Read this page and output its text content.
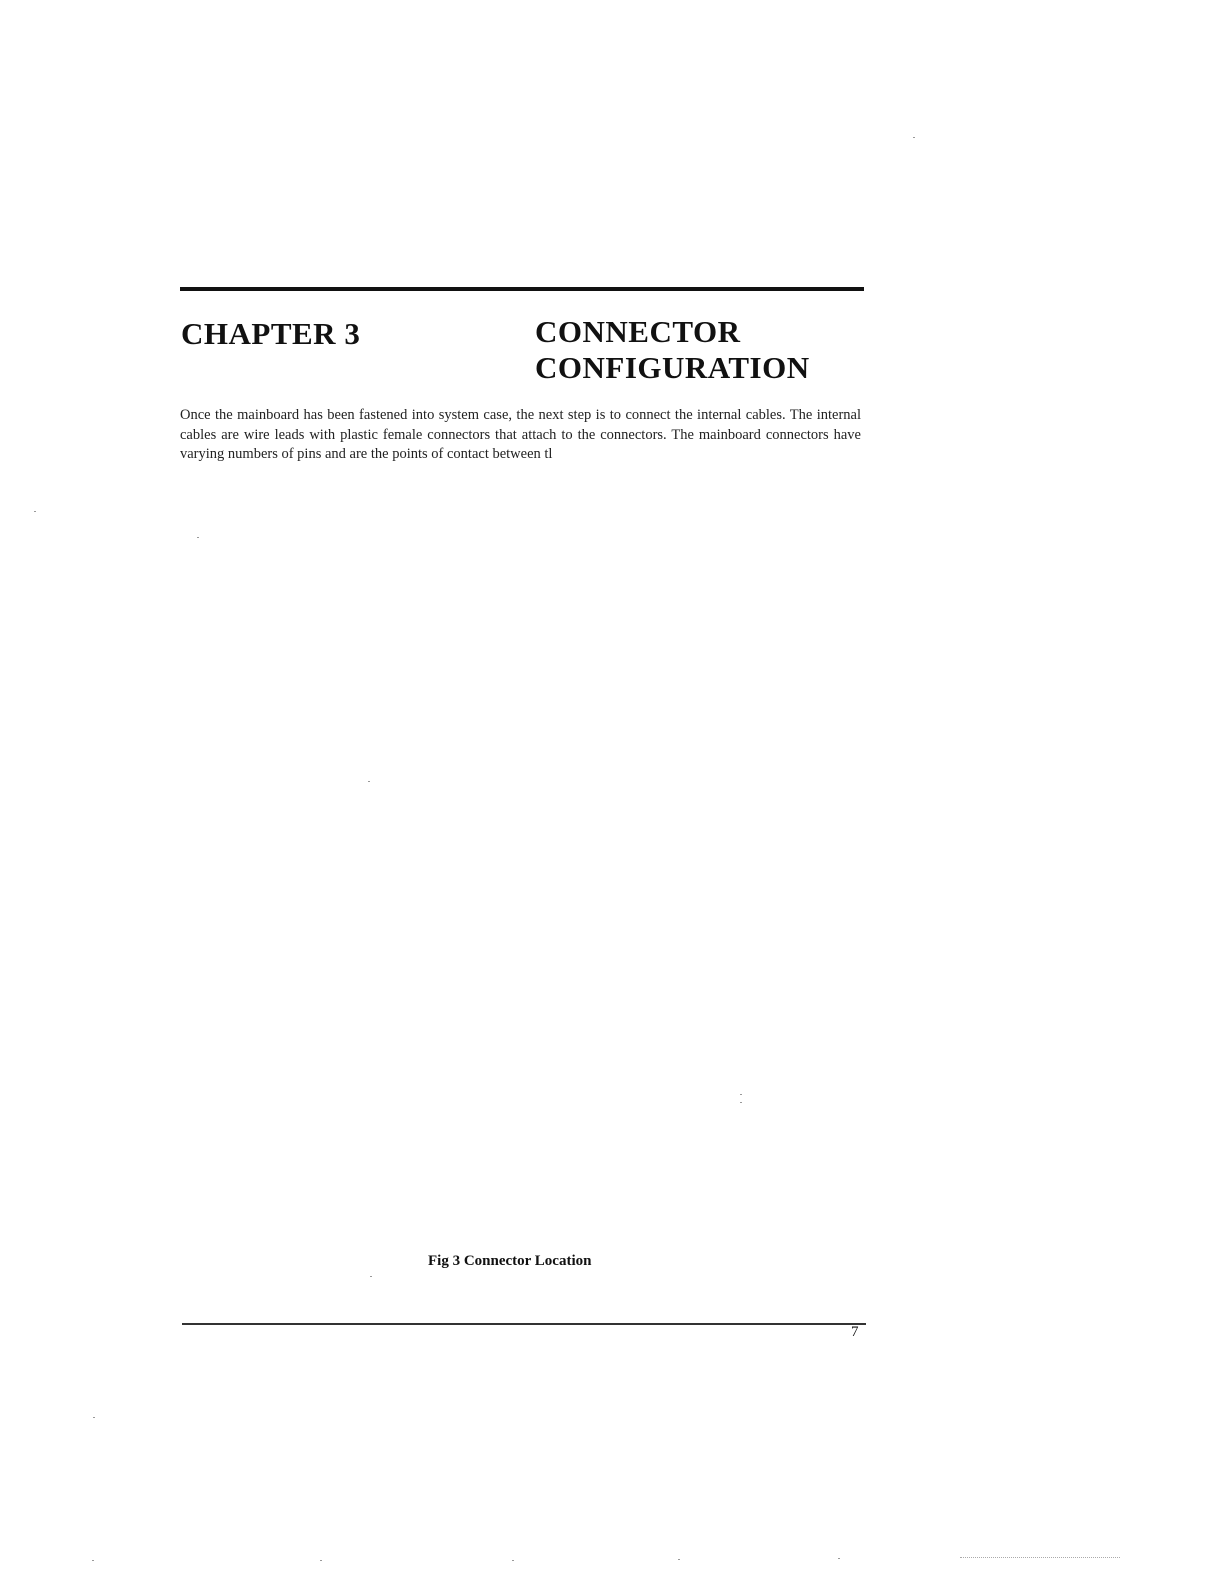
CHAPTER 3	CONNECTOR
CONFIGURATION

Once the mainboard has been fastened into system case, the next step is to connect the internal cables. The internal cables are wire leads with plastic female connectors that attach to the connectors. The mainboard connectors have varying numbers of pins and are the points of contact between tl

Fig 3 Connector Location
7
